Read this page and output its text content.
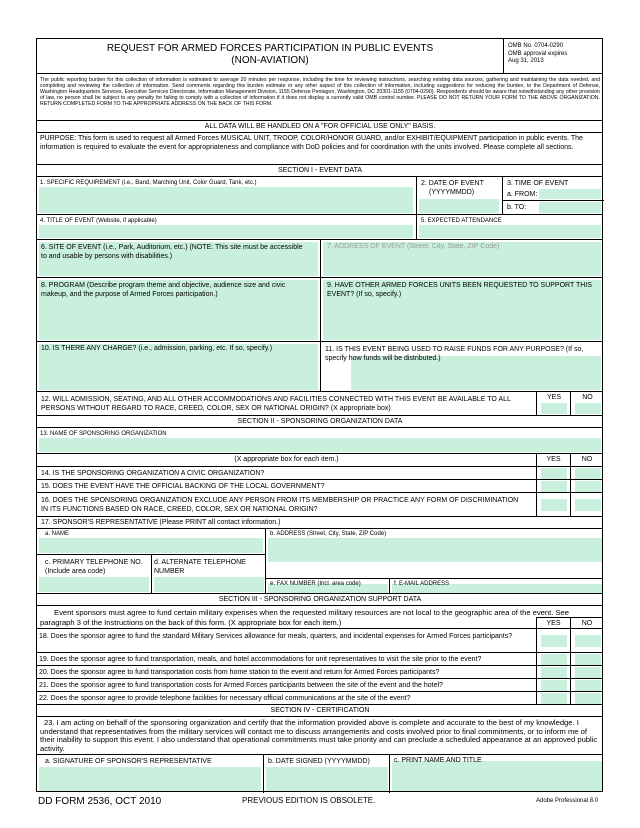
REQUEST FOR ARMED FORCES PARTICIPATION IN PUBLIC EVENTS
(NON-AVIATION)
OMB No. 0704-0290
OMB approval expires
Aug 31, 2013
The public reporting burden for this collection of information is estimated to average 20 minutes per response, including the time for reviewing instructions, searching existing data sources, gathering and maintaining the data needed, and completing and reviewing the collection of information. Send comments regarding this burden estimate or any other aspect of this collection of information, including suggestions for reducing the burden, to the Department of Defense, Washington Headquarters Services, Executive Services Directorate, Information Management Division, 1155 Defense Pentagon, Washington, DC 20301-1155 (0704-0290). Respondents should be aware that notwithstanding any other provision of law, no person shall be subject to any penalty for failing to comply with a collection of information if it does not display a currently valid OMB control number. PLEASE DO NOT RETURN YOUR FORM TO THE ABOVE ORGANIZATION. RETURN COMPLETED FORM TO THE APPROPRIATE ADDRESS ON THE BACK OF THIS FORM.
ALL DATA WILL BE HANDLED ON A "FOR OFFICIAL USE ONLY" BASIS.
PURPOSE: This form is used to request all Armed Forces MUSICAL UNIT, TROOP, COLOR/HONOR GUARD, and/or EXHIBIT/EQUIPMENT participation in public events. The information is required to evaluate the event for appropriateness and compliance with DoD policies and for coordination with the units involved. Please complete all sections.
SECTION I - EVENT DATA
1. SPECIFIC REQUIREMENT (i.e., Band, Marching Unit, Color Guard, Tank, etc.)	2. DATE OF EVENT
(YYYYMMDD)
3. TIME OF EVENT
a. FROM:
b. TO:
4. TITLE OF EVENT (Website, if applicable)	5. EXPECTED ATTENDANCE
6. SITE OF EVENT (i.e., Park, Auditorium, etc.) (NOTE: This site must be accessible to and usable by persons with disabilities.)
7. ADDRESS OF EVENT (Street, City, State, ZIP Code)
8. PROGRAM (Describe program theme and objective, audience size and civic makeup, and the purpose of Armed Forces participation.)
9. HAVE OTHER ARMED FORCES UNITS BEEN REQUESTED TO SUPPORT THIS EVENT? (If so, specify.)
10. IS THERE ANY CHARGE? (i.e., admission, parking, etc. If so, specify.)	11. IS THIS EVENT BEING USED TO RAISE FUNDS FOR ANY PURPOSE? (If so, specify how funds will be distributed.)
12. WILL ADMISSION, SEATING, AND ALL OTHER ACCOMMODATIONS AND FACILITIES CONNECTED WITH THIS EVENT BE AVAILABLE TO ALL PERSONS WITHOUT REGARD TO RACE, CREED, COLOR, SEX OR NATIONAL ORIGIN? (X appropriate box)
YES	NO
SECTION II - SPONSORING ORGANIZATION DATA
13. NAME OF SPONSORING ORGANIZATION
(X appropriate box for each item.)	YES	NO
14. IS THE SPONSORING ORGANIZATION A CIVIC ORGANIZATION?
15. DOES THE EVENT HAVE THE OFFICIAL BACKING OF THE LOCAL GOVERNMENT?
16. DOES THE SPONSORING ORGANIZATION EXCLUDE ANY PERSON FROM ITS MEMBERSHIP OR PRACTICE ANY FORM OF DISCRIMINATION IN ITS FUNCTIONS BASED ON RACE, CREED, COLOR, SEX OR NATIONAL ORIGIN?
17. SPONSOR'S REPRESENTATIVE (Please PRINT all contact information.)
a. NAME	b. ADDRESS (Street, City, State, ZIP Code)
c. PRIMARY TELEPHONE NO. (Include area code)
d. ALTERNATE TELEPHONE NUMBER
e. FAX NUMBER (Incl. area code)	f. E-MAIL ADDRESS
SECTION III - SPONSORING ORGANIZATION SUPPORT DATA
Event sponsors must agree to fund certain military expenses when the requested military resources are not local to the geographic area of the event. See paragraph 3 of the Instructions on the back of this form. (X appropriate box for each item.)	YES	NO
18. Does the sponsor agree to fund the standard Military Services allowance for meals, quarters, and incidental expenses for Armed Forces participants?
19. Does the sponsor agree to fund transportation, meals, and hotel accommodations for unit representatives to visit the site prior to the event?
20. Does the sponsor agree to fund transportation costs from home station to the event and return for Armed Forces participants?
21. Does the sponsor agree to fund transportation costs for Armed Forces participants between the site of the event and the hotel?
22. Does the sponsor agree to provide telephone facilities for necessary official communications at the site of the event?
SECTION IV - CERTIFICATION
23. I am acting on behalf of the sponsoring organization and certify that the information provided above is complete and accurate to the best of my knowledge. I understand that representatives from the military services will contact me to discuss arrangements and costs involved prior to final commitments, or to inform me of their inability to support this event. I also understand that operational commitments must take priority and can preclude a scheduled appearance at an approved public activity.
a. SIGNATURE OF SPONSOR'S REPRESENTATIVE	b. DATE SIGNED (YYYYMMDD)	c. PRINT NAME AND TITLE
DD FORM 2536, OCT 2010	PREVIOUS EDITION IS OBSOLETE.	Adobe Professional 8.0
